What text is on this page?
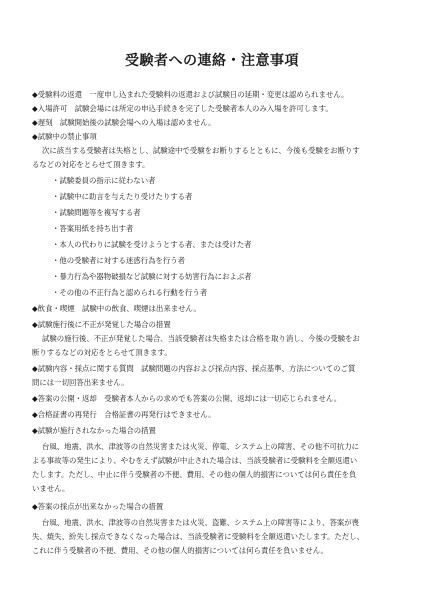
受験者への連絡・注意事項
◆受験料の返還　一度申し込まれた受験料の返還および試験日の延期・変更は認められません。
◆入場許可　試験会場には所定の申込手続きを完了した受験者本人のみ入場を許可します。
◆遅刻　試験開始後の試験会場への入場は認めません。
◆試験中の禁止事項
次に該当する受験者は失格とし、試験途中で受験をお断りするとともに、今後も受験をお断りす
るなどの対応をとらせて頂きます。
・試験委員の指示に従わない者
・試験中に助言を与えたり受けたりする者
・試験問題等を複写する者
・答案用紙を持ち出す者
・本人の代わりに試験を受けようとする者、または受けた者
・他の受験者に対する迷惑行為を行う者
・暴力行為や器物破損など試験に対する妨害行為におよぶ者
・その他の不正行為と認められる行動を行う者
◆飲食・喫煙　試験中の飲食、喫煙は出来ません。
◆試験施行後に不正が発覚した場合の措置
試験の施行後、不正が発覚した場合、当該受験者は失格または合格を取り消し、今後の受験をお
断りするなどの対応をとらせて頂きます。
◆試験内容・採点に関する質問　試験問題の内容および採点内容、採点基準、方法についてのご質
問には一切回答出来ません。
◆答案の公開・返却　受験者本人からの求めでも答案の公開、返却には一切応じられません。
◆合格証書の再発行　合格証書の再発行はできません。
◆試験が施行されなかった場合の措置
台風、地震、洪水、津波等の自然災害または火災、停電、システム上の障害、その他不可抗力に
よる事故等の発生により、やむをえず試験が中止された場合は、当該受験者に受験料を全額返還い
たします。ただし、中止に伴う受験者の不便、費用、その他の個人的損害については何ら責任を負
いません。
◆答案の採点が出来なかった場合の措置
台風、地震、洪水、津波等の自然災害または火災、盗難、システム上の障害等により、答案が喪
失、焼失、紛失し採点できなくなった場合は、当該受験者に受験料を全額返還いたします。ただし、
これに伴う受験者の不便、費用、その他の個人的損害については何ら責任を負いません。
